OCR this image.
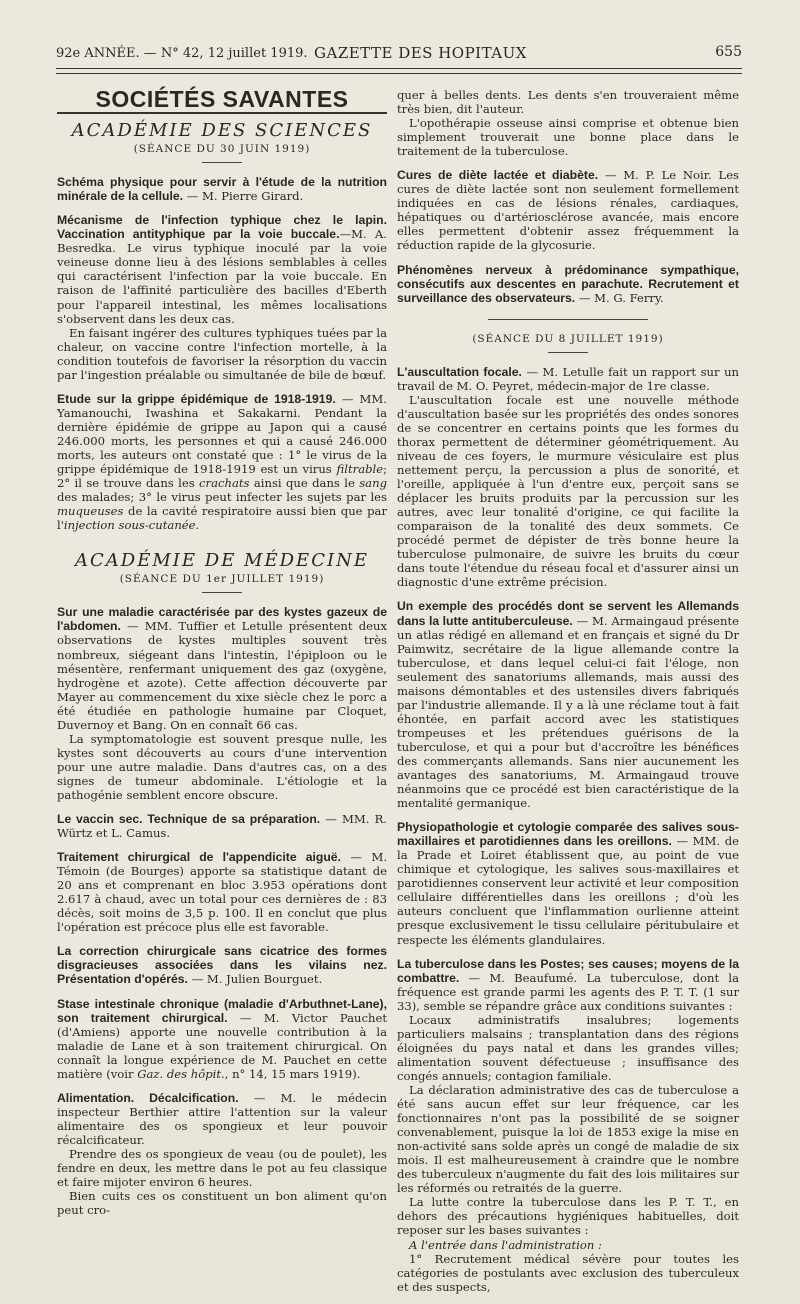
92e ANNÉE. — N° 42, 12 juillet 1919. GAZETTE DES HOPITAUX	655
SOCIÉTÉS SAVANTES
ACADÉMIE DES SCIENCES
(SÉANCE DU 30 JUIN 1919)

Schéma physique pour servir à l'étude de la nutrition minérale de la cellule. — M. Pierre Girard.

Mécanisme de l'infection typhique chez le lapin. Vaccination antityphique par la voie buccale.—M. A. Besredka. Le virus typhique inoculé par la voie veineuse donne lieu à des lésions semblables à celles qui caractérisent l'infection par la voie buccale. En raison de l'affinité particulière des bacilles d'Eberth pour l'appareil intestinal, les mêmes localisations s'observent dans les deux cas.

En faisant ingérer des cultures typhiques tuées par la chaleur, on vaccine contre l'infection mortelle, à la condition toutefois de favoriser la résorption du vaccin par l'ingestion préalable ou simultanée de bile de bœuf.

Etude sur la grippe épidémique de 1918-1919. — MM. Yamanouchi, Iwashina et Sakakarni. Pendant la dernière épidémie de grippe au Japon qui a causé 246.000 morts, les personnes et qui a causé 246.000 morts, les auteurs ont constaté que : 1° le virus de la grippe épidémique de 1918-1919 est un virus filtrable; 2° il se trouve dans les crachats ainsi que dans le sang des malades; 3° le virus peut infecter les sujets par les muqueuses de la cavité respiratoire aussi bien que par l'injection sous-cutanée.

ACADÉMIE DE MÉDECINE
(SÉANCE DU 1er JUILLET 1919)

Sur une maladie caractérisée par des kystes gazeux de l'abdomen. — MM. Tuffier et Letulle présentent deux observations de kystes multiples souvent très nombreux, siégeant dans l'intestin, l'épiploon ou le mésentère, renfermant uniquement des gaz (oxygène, hydrogène et azote). Cette affection découverte par Mayer au commencement du xixe siècle chez le porc a été étudiée en pathologie humaine par Cloquet, Duvernoy et Bang. On en connaît 66 cas.

La symptomatologie est souvent presque nulle, les kystes sont découverts au cours d'une intervention pour une autre maladie. Dans d'autres cas, on a des signes de tumeur abdominale. L'étiologie et la pathogénie semblent encore obscure.

Le vaccin sec. Technique de sa préparation. — MM. R. Würtz et L. Camus.

Traitement chirurgical de l'appendicite aiguë. — M. Témoin (de Bourges) apporte sa statistique datant de 20 ans et comprenant en bloc 3.953 opérations dont 2.617 à chaud, avec un total pour ces dernières de : 83 décès, soit moins de 3,5 p. 100. Il en conclut que plus l'opération est précoce plus elle est favorable.

La correction chirurgicale sans cicatrice des formes disgracieuses associées dans les vilains nez. Présentation d'opérés. — M. Julien Bourguet.

Stase intestinale chronique (maladie d'Arbuthnet-Lane), son traitement chirurgical. — M. Victor Pauchet (d'Amiens) apporte une nouvelle contribution à la maladie de Lane et à son traitement chirurgical. On connaît la longue expérience de M. Pauchet en cette matière (voir Gaz. des hôpit., n° 14, 15 mars 1919).

Alimentation. Décalcification. — M. le médecin inspecteur Berthier attire l'attention sur la valeur alimentaire des os spongieux et leur pouvoir récalcificateur.

Prendre des os spongieux de veau (ou de poulet), les fendre en deux, les mettre dans le pot au feu classique et faire mijoter environ 6 heures.

Bien cuits ces os constituent un bon aliment qu'on peut cro-

quer à belles dents. Les dents s'en trouveraient même très bien, dit l'auteur.

L'opothérapie osseuse ainsi comprise et obtenue bien simplement trouverait une bonne place dans le traitement de la tuberculose.

Cures de diète lactée et diabète. — M. P. Le Noir. Les cures de diète lactée sont non seulement formellement indiquées en cas de lésions rénales, cardiaques, hépatiques ou d'artériosclérose avancée, mais encore elles permettent d'obtenir assez fréquemment la réduction rapide de la glycosurie.

Phénomènes nerveux à prédominance sympathique, consécutifs aux descentes en parachute. Recrutement et surveillance des observateurs. — M. G. Ferry.

(SÉANCE DU 8 JUILLET 1919)

L'auscultation focale. — M. Letulle fait un rapport sur un travail de M. O. Peyret, médecin-major de 1re classe.

L'auscultation focale est une nouvelle méthode d'auscultation basée sur les propriétés des ondes sonores de se concentrer en certains points que les formes du thorax permettent de déterminer géométriquement. Au niveau de ces foyers, le murmure vésiculaire est plus nettement perçu, la percussion a plus de sonorité, et l'oreille, appliquée à l'un d'entre eux, perçoit sans se déplacer les bruits produits par la percussion sur les autres, avec leur tonalité d'origine, ce qui facilite la comparaison de la tonalité des deux sommets. Ce procédé permet de dépister de très bonne heure la tuberculose pulmonaire, de suivre les bruits du cœur dans toute l'étendue du réseau focal et d'assurer ainsi un diagnostic d'une extrême précision.

Un exemple des procédés dont se servent les Allemands dans la lutte antituberculeuse. — M. Armaingaud présente un atlas rédigé en allemand et en français et signé du Dr Paimwitz, secrétaire de la ligue allemande contre la tuberculose, et dans lequel celui-ci fait l'éloge, non seulement des sanatoriums allemands, mais aussi des maisons démontables et des ustensiles divers fabriqués par l'industrie allemande. Il y a là une réclame tout à fait éhontée, en parfait accord avec les statistiques trompeuses et les prétendues guérisons de la tuberculose, et qui a pour but d'accroître les bénéfices des commerçants allemands. Sans nier aucunement les avantages des sanatoriums, M. Armaingaud trouve néanmoins que ce procédé est bien caractéristique de la mentalité germanique.

Physiopathologie et cytologie comparée des salives sous-maxillaires et parotidiennes dans les oreillons. — MM. de la Prade et Loiret établissent que, au point de vue chimique et cytologique, les salives sous-maxillaires et parotidiennes conservent leur activité et leur composition cellulaire différentielles dans les oreillons ; d'où les auteurs concluent que l'inflammation ourlienne atteint presque exclusivement le tissu cellulaire péritubulaire et respecte les éléments glandulaires.

La tuberculose dans les Postes; ses causes; moyens de la combattre. — M. Beaufumé. La tuberculose, dont la fréquence est grande parmi les agents des P. T. T. (1 sur 33), semble se répandre grâce aux conditions suivantes :

Locaux administratifs insalubres; logements particuliers malsains ; transplantation dans des régions éloignées du pays natal et dans les grandes villes; alimentation souvent défectueuse ; insuffisance des congés annuels; contagion familiale.

La déclaration administrative des cas de tuberculose a été sans aucun effet sur leur fréquence, car les fonctionnaires n'ont pas la possibilité de se soigner convenablement, puisque la loi de 1853 exige la mise en non-activité sans solde après un congé de maladie de six mois. Il est malheureusement à craindre que le nombre des tuberculeux n'augmente du fait des lois militaires sur les réformés ou retraités de la guerre.

La lutte contre la tuberculose dans les P. T. T., en dehors des précautions hygiéniques habituelles, doit reposer sur les bases suivantes :

A l'entrée dans l'administration :

1° Recrutement médical sévère pour toutes les catégories de postulants avec exclusion des tuberculeux et des suspects,
